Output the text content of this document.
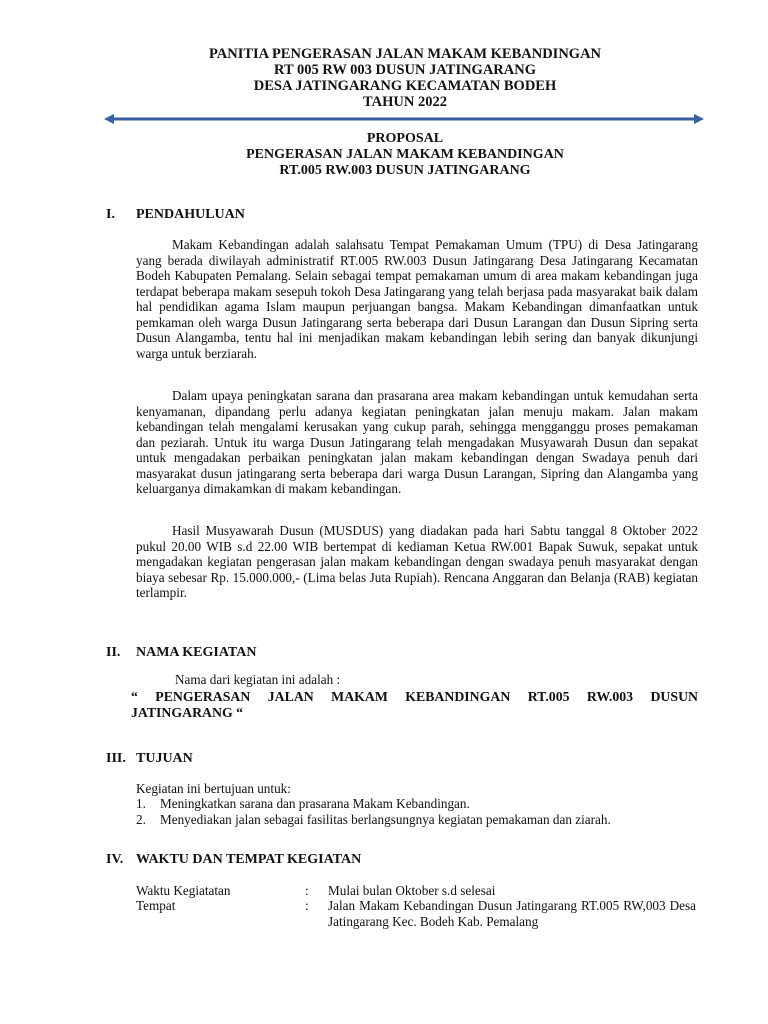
PANITIA PENGERASAN JALAN MAKAM KEBANDINGAN
RT 005 RW 003 DUSUN JATINGARANG
DESA JATINGARANG KECAMATAN BODEH
TAHUN 2022
PROPOSAL
PENGERASAN JALAN MAKAM KEBANDINGAN
RT.005 RW.003 DUSUN JATINGARANG
I. PENDAHULUAN

Makam Kebandingan adalah salahsatu Tempat Pemakaman Umum (TPU) di Desa Jatingarang yang berada diwilayah administratif RT.005 RW.003 Dusun Jatingarang Desa Jatingarang Kecamatan Bodeh Kabupaten Pemalang. Selain sebagai tempat pemakaman umum di area makam kebandingan juga terdapat beberapa makam sesepuh tokoh Desa Jatingarang yang telah berjasa pada masyarakat baik dalam hal pendidikan agama Islam maupun perjuangan bangsa. Makam Kebandingan dimanfaatkan untuk pemkaman oleh warga Dusun Jatingarang serta beberapa dari Dusun Larangan dan Dusun Sipring serta Dusun Alangamba, tentu hal ini menjadikan makam kebandingan lebih sering dan banyak dikunjungi warga untuk berziarah.

Dalam upaya peningkatan sarana dan prasarana area makam kebandingan untuk kemudahan serta kenyamanan, dipandang perlu adanya kegiatan peningkatan jalan menuju makam. Jalan makam kebandingan telah mengalami kerusakan yang cukup parah, sehingga mengganggu proses pemakaman dan peziarah. Untuk itu warga Dusun Jatingarang telah mengadakan Musyawarah Dusun dan sepakat untuk mengadakan perbaikan peningkatan jalan makam kebandingan dengan Swadaya penuh dari masyarakat dusun jatingarang serta beberapa dari warga Dusun Larangan, Sipring dan Alangamba yang keluarganya dimakamkan di makam kebandingan.

Hasil Musyawarah Dusun (MUSDUS) yang diadakan pada hari Sabtu tanggal 8 Oktober 2022 pukul 20.00 WIB s.d 22.00 WIB bertempat di kediaman Ketua RW.001 Bapak Suwuk, sepakat untuk mengadakan kegiatan pengerasan jalan makam kebandingan dengan swadaya penuh masyarakat dengan biaya sebesar Rp. 15.000.000,- (Lima belas Juta Rupiah). Rencana Anggaran dan Belanja (RAB) kegiatan terlampir.

II. NAMA KEGIATAN
Nama dari kegiatan ini adalah :

“ PENGERASAN JALAN MAKAM KEBANDINGAN RT.005 RW.003 DUSUN JATINGARANG “

III. TUJUAN
Kegiatan ini bertujuan untuk:
1. Meningkatkan sarana dan prasarana Makam Kebandingan.
2. Menyediakan jalan sebagai fasilitas berlangsungnya kegiatan pemakaman dan ziarah.
IV. WAKTU DAN TEMPAT KEGIATAN
Waktu Kegiatatan	: Mulai bulan Oktober s.d selesai

Tempat	: Jalan Makam Kebandingan Dusun Jatingarang RT.005 RW,003 Desa Jatingarang Kec. Bodeh Kab. Pemalang
